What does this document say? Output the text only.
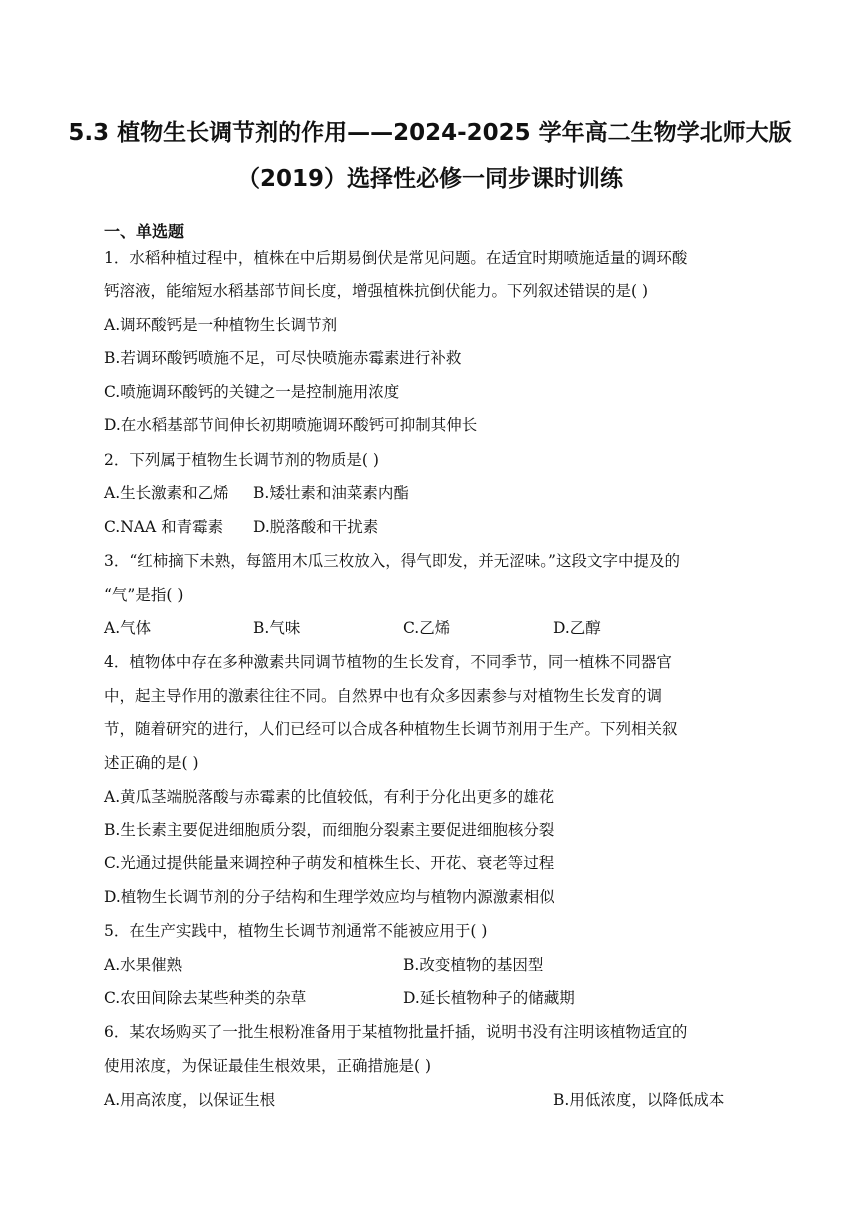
5.3 植物生长调节剂的作用——2024-2025 学年高二生物学北师大版
（2019）选择性必修一同步课时训练
一、单选题
1．水稻种植过程中，植株在中后期易倒伏是常见问题。在适宜时期喷施适量的调环酸
钙溶液，能缩短水稻基部节间长度，增强植株抗倒伏能力。下列叙述错误的是( )
A.调环酸钙是一种植物生长调节剂
B.若调环酸钙喷施不足，可尽快喷施赤霉素进行补救
C.喷施调环酸钙的关键之一是控制施用浓度
D.在水稻基部节间伸长初期喷施调环酸钙可抑制其伸长
2．下列属于植物生长调节剂的物质是( )
A.生长激素和乙烯 B.矮壮素和油菜素内酯
C.NAA 和青霉素 D.脱落酸和干扰素
3．“红柿摘下未熟，每篮用木瓜三枚放入，得气即发，并无涩味。”这段文字中提及的
“气”是指( )
A.气体	B.气味	C.乙烯	D.乙醇
4．植物体中存在多种激素共同调节植物的生长发育，不同季节，同一植株不同器官
中，起主导作用的激素往往不同。自然界中也有众多因素参与对植物生长发育的调
节，随着研究的进行，人们已经可以合成各种植物生长调节剂用于生产。下列相关叙
述正确的是( )
A.黄瓜茎端脱落酸与赤霉素的比值较低，有利于分化出更多的雄花
B.生长素主要促进细胞质分裂，而细胞分裂素主要促进细胞核分裂
C.光通过提供能量来调控种子萌发和植株生长、开花、衰老等过程
D.植物生长调节剂的分子结构和生理学效应均与植物内源激素相似
5．在生产实践中，植物生长调节剂通常不能被应用于( )
A.水果催熟	B.改变植物的基因型
C.农田间除去某些种类的杂草	D.延长植物种子的储藏期
6．某农场购买了一批生根粉准备用于某植物批量扦插，说明书没有注明该植物适宜的
使用浓度，为保证最佳生根效果，正确措施是( )
A.用高浓度，以保证生根	B.用低浓度，以降低成本
